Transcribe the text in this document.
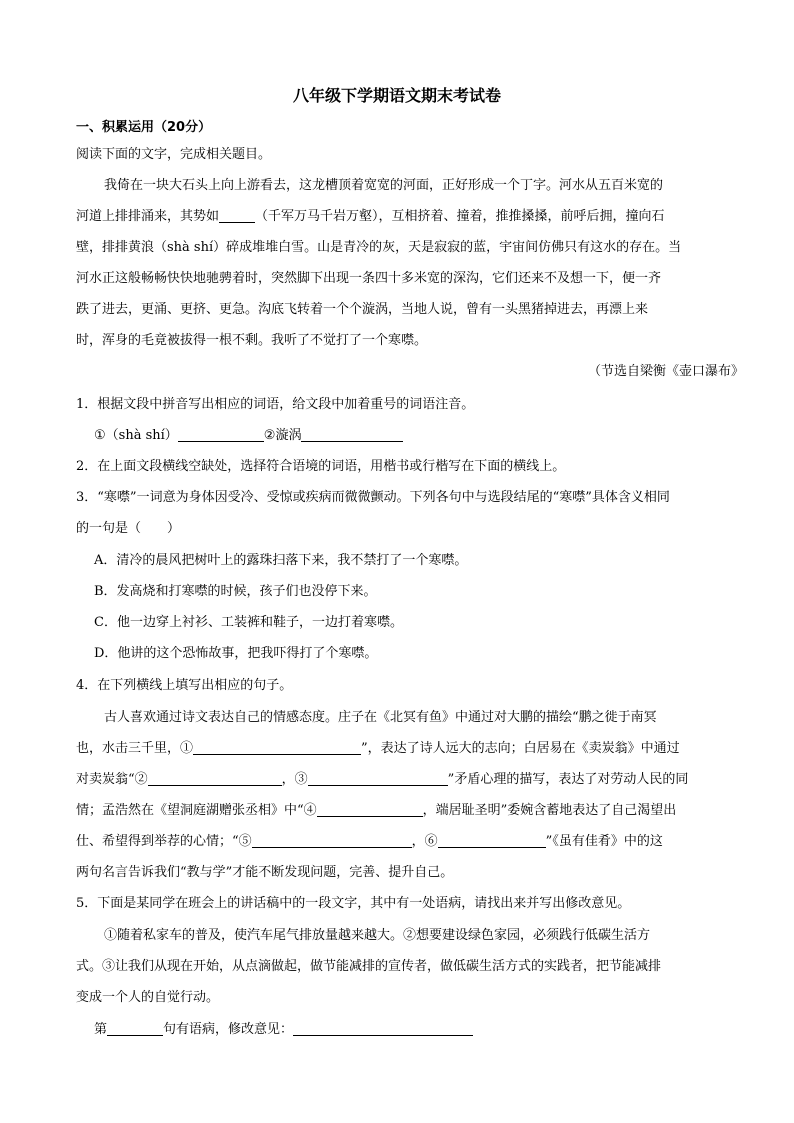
八年级下学期语文期末考试卷
一、积累运用（20分）
阅读下面的文字，完成相关题目。
我倚在一块大石头上向上游看去，这龙槽顶着宽宽的河面，正好形成一个丁字。河水从五百米宽的
河道上排排涌来，其势如	（千军万马千岩万壑），互相挤着、撞着，推推搡搡，前呼后拥，撞向石
壁，排排黄浪（shà shí）碎成堆堆白雪。山是青冷的灰，天是寂寂的蓝，宇宙间仿佛只有这水的存在。当
河水正这般畅畅快快地驰骋着时，突然脚下出现一条四十多米宽的深沟，它们还来不及想一下，便一齐
跌了进去，更涌、更挤、更急。沟底飞转着一个个漩涡，当地人说，曾有一头黑猪掉进去，再漂上来
时，浑身的毛竟被拔得一根不剩。我听了不觉打了一个寒噤。
（节选自梁衡《壶口瀑布》
1．根据文段中拼音写出相应的词语，给文段中加着重号的词语注音。
①（shà shí）	②漩涡
2．在上面文段横线空缺处，选择符合语境的词语，用楷书或行楷写在下面的横线上。
3．“寒噤”一词意为身体因受冷、受惊或疾病而微微颤动。下列各句中与选段结尾的“寒噤”具体含义相同
的一句是（　　）
A．清冷的晨风把树叶上的露珠扫落下来，我不禁打了一个寒噤。
B．发高烧和打寒噤的时候，孩子们也没停下来。
C．他一边穿上衬衫、工装裤和鞋子，一边打着寒噤。
D．他讲的这个恐怖故事，把我吓得打了个寒噤。
4．在下列横线上填写出相应的句子。
古人喜欢通过诗文表达自己的情感态度。庄子在《北冥有鱼》中通过对大鹏的描绘“鹏之徙于南冥
也，水击三千里，①	”，表达了诗人远大的志向；白居易在《卖炭翁》中通过
对卖炭翁“②	，③	”矛盾心理的描写，表达了对劳动人民的同
情；孟浩然在《望洞庭湖赠张丞相》中“④	，端居耻圣明”委婉含蓄地表达了自己渴望出
仕、希望得到举荐的心情；“⑤	，⑥	”《虽有佳肴》中的这
两句名言告诉我们“教与学”才能不断发现问题，完善、提升自己。
5．下面是某同学在班会上的讲话稿中的一段文字，其中有一处语病，请找出来并写出修改意见。
①随着私家车的普及，使汽车尾气排放量越来越大。②想要建设绿色家园，必须践行低碳生活方
式。③让我们从现在开始，从点滴做起，做节能减排的宣传者，做低碳生活方式的实践者，把节能减排
变成一个人的自觉行动。
第	句有语病，修改意见：
